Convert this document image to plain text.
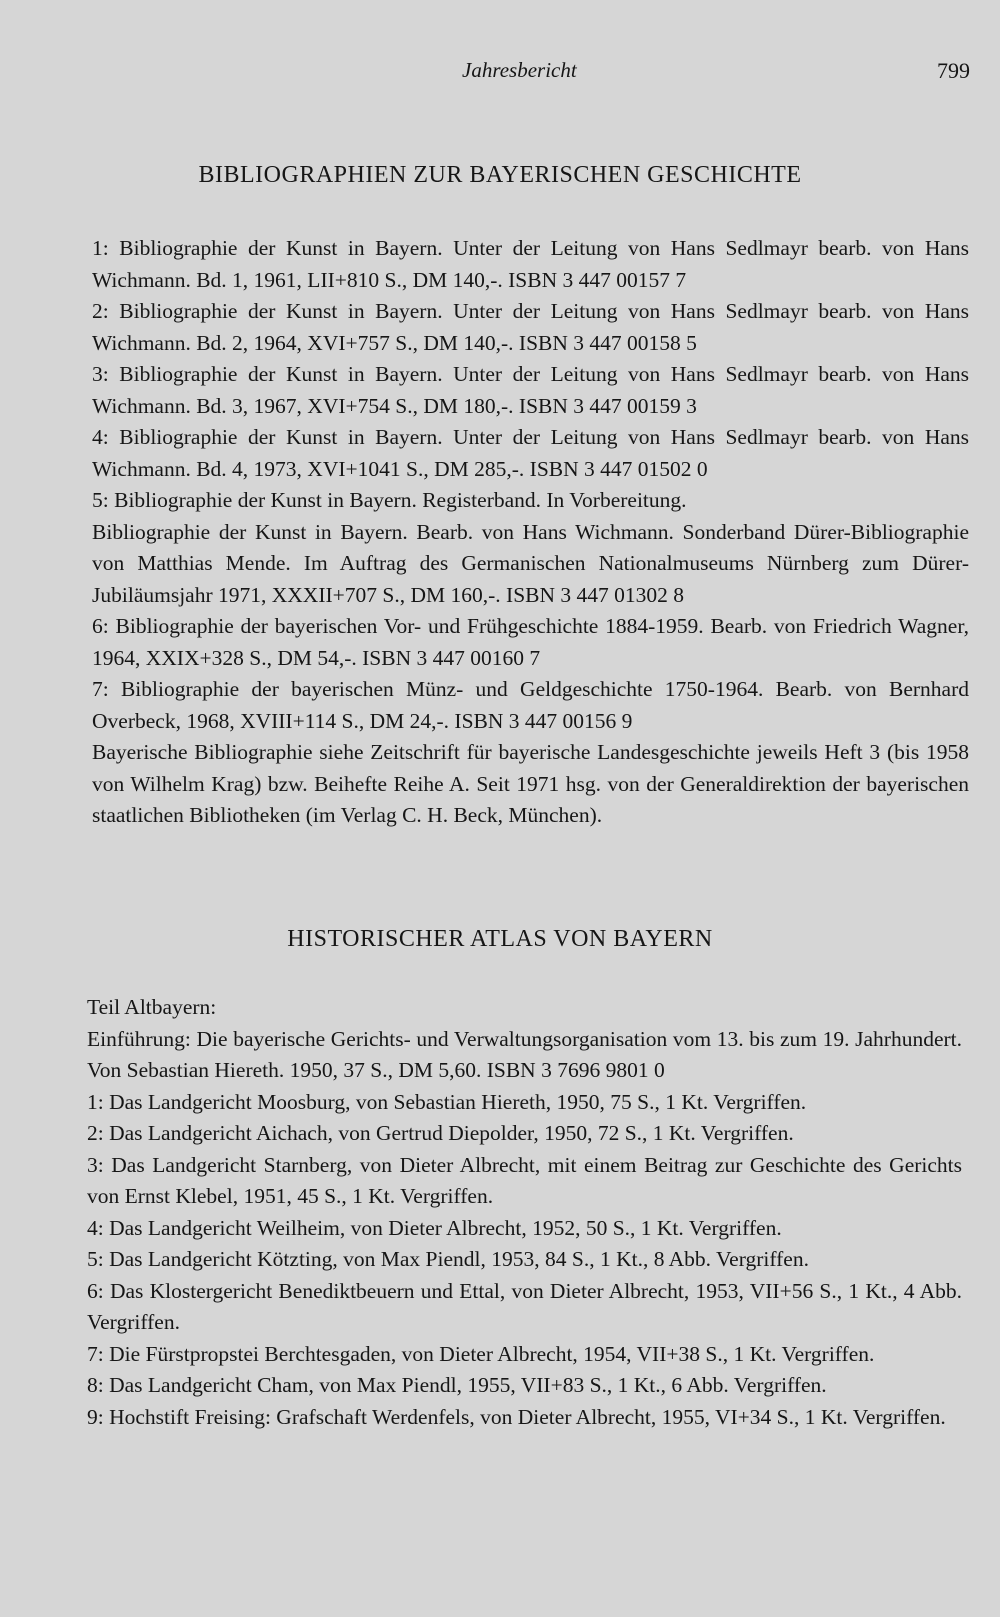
Jahresbericht	799
BIBLIOGRAPHIEN ZUR BAYERISCHEN GESCHICHTE

1: Bibliographie der Kunst in Bayern. Unter der Leitung von Hans Sedlmayr bearb. von Hans Wichmann. Bd. 1, 1961, LII+810 S., DM 140,-. ISBN 3 447 00157 7

2: Bibliographie der Kunst in Bayern. Unter der Leitung von Hans Sedlmayr bearb. von Hans Wichmann. Bd. 2, 1964, XVI+757 S., DM 140,-. ISBN 3 447 00158 5

3: Bibliographie der Kunst in Bayern. Unter der Leitung von Hans Sedlmayr bearb. von Hans Wichmann. Bd. 3, 1967, XVI+754 S., DM 180,-. ISBN 3 447 00159 3

4: Bibliographie der Kunst in Bayern. Unter der Leitung von Hans Sedlmayr bearb. von Hans Wichmann. Bd. 4, 1973, XVI+1041 S., DM 285,-. ISBN 3 447 01502 0

5: Bibliographie der Kunst in Bayern. Registerband. In Vorbereitung.

Bibliographie der Kunst in Bayern. Bearb. von Hans Wichmann. Sonderband Dürer-Bibliographie von Matthias Mende. Im Auftrag des Germanischen Nationalmuseums Nürnberg zum Dürer-Jubiläumsjahr 1971, XXXII+707 S., DM 160,-. ISBN 3 447 01302 8

6: Bibliographie der bayerischen Vor- und Frühgeschichte 1884-1959. Bearb. von Friedrich Wagner, 1964, XXIX+328 S., DM 54,-. ISBN 3 447 00160 7

7: Bibliographie der bayerischen Münz- und Geldgeschichte 1750-1964. Bearb. von Bernhard Overbeck, 1968, XVIII+114 S., DM 24,-. ISBN 3 447 00156 9

Bayerische Bibliographie siehe Zeitschrift für bayerische Landesgeschichte jeweils Heft 3 (bis 1958 von Wilhelm Krag) bzw. Beihefte Reihe A. Seit 1971 hsg. von der Generaldirektion der bayerischen staatlichen Bibliotheken (im Verlag C. H. Beck, München).

HISTORISCHER ATLAS VON BAYERN

Teil Altbayern:

Einführung: Die bayerische Gerichts- und Verwaltungsorganisation vom 13. bis zum 19. Jahrhundert. Von Sebastian Hiereth. 1950, 37 S., DM 5,60. ISBN 3 7696 9801 0

1: Das Landgericht Moosburg, von Sebastian Hiereth, 1950, 75 S., 1 Kt. Vergriffen.

2: Das Landgericht Aichach, von Gertrud Diepolder, 1950, 72 S., 1 Kt. Vergriffen.

3: Das Landgericht Starnberg, von Dieter Albrecht, mit einem Beitrag zur Geschichte des Gerichts von Ernst Klebel, 1951, 45 S., 1 Kt. Vergriffen.

4: Das Landgericht Weilheim, von Dieter Albrecht, 1952, 50 S., 1 Kt. Vergriffen.

5: Das Landgericht Kötzting, von Max Piendl, 1953, 84 S., 1 Kt., 8 Abb. Vergriffen.

6: Das Klostergericht Benediktbeuern und Ettal, von Dieter Albrecht, 1953, VII+56 S., 1 Kt., 4 Abb. Vergriffen.

7: Die Fürstpropstei Berchtesgaden, von Dieter Albrecht, 1954, VII+38 S., 1 Kt. Vergriffen.

8: Das Landgericht Cham, von Max Piendl, 1955, VII+83 S., 1 Kt., 6 Abb. Vergriffen.

9: Hochstift Freising: Grafschaft Werdenfels, von Dieter Albrecht, 1955, VI+34 S., 1 Kt. Vergriffen.
